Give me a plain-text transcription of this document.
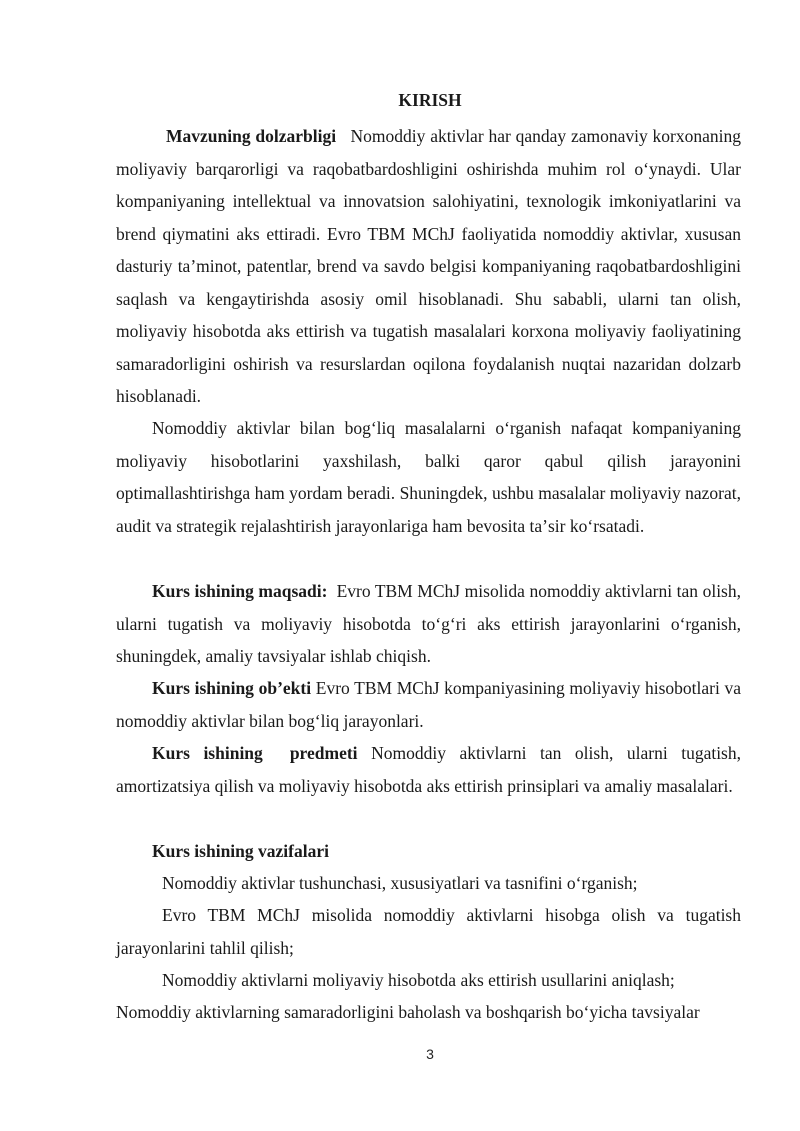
KIRISH

Mavzuning dolzarbligi Nomoddiy aktivlar har qanday zamonaviy korxonaning moliyaviy barqarorligi va raqobatbardoshligini oshirishda muhim rol oʻynaydi. Ular kompaniyaning intellektual va innovatsion salohiyatini, texnologik imkoniyatlarini va brend qiymatini aks ettiradi. Evro TBM MChJ faoliyatida nomoddiy aktivlar, xususan dasturiy taʼminot, patentlar, brend va savdo belgisi kompaniyaning raqobatbardoshligini saqlash va kengaytirishda asosiy omil hisoblanadi. Shu sababli, ularni tan olish, moliyaviy hisobotda aks ettirish va tugatish masalalari korxona moliyaviy faoliyatining samaradorligini oshirish va resurslardan oqilona foydalanish nuqtai nazaridan dolzarb hisoblanadi.

Nomoddiy aktivlar bilan bogʻliq masalalarni oʻrganish nafaqat kompaniyaning moliyaviy hisobotlarini yaxshilash, balki qaror qabul qilish jarayonini optimallashtirishga ham yordam beradi. Shuningdek, ushbu masalalar moliyaviy nazorat, audit va strategik rejalashtirish jarayonlariga ham bevosita taʼsir koʻrsatadi.

Kurs ishining maqsadi: Evro TBM MChJ misolida nomoddiy aktivlarni tan olish, ularni tugatish va moliyaviy hisobotda toʻgʻri aks ettirish jarayonlarini oʻrganish, shuningdek, amaliy tavsiyalar ishlab chiqish.

Kurs ishining obʼekti Evro TBM MChJ kompaniyasining moliyaviy hisobotlari va nomoddiy aktivlar bilan bogʻliq jarayonlari.

Kurs ishining  predmeti Nomoddiy aktivlarni tan olish, ularni tugatish, amortizatsiya qilish va moliyaviy hisobotda aks ettirish prinsiplari va amaliy masalalari.

Kurs ishining vazifalari

Nomoddiy aktivlar tushunchasi, xususiyatlari va tasnifini oʻrganish;

Evro TBM MChJ misolida nomoddiy aktivlarni hisobga olish va tugatish jarayonlarini tahlil qilish;

Nomoddiy aktivlarni moliyaviy hisobotda aks ettirish usullarini aniqlash;

Nomoddiy aktivlarning samaradorligini baholash va boshqarish boʻyicha tavsiyalar

3
